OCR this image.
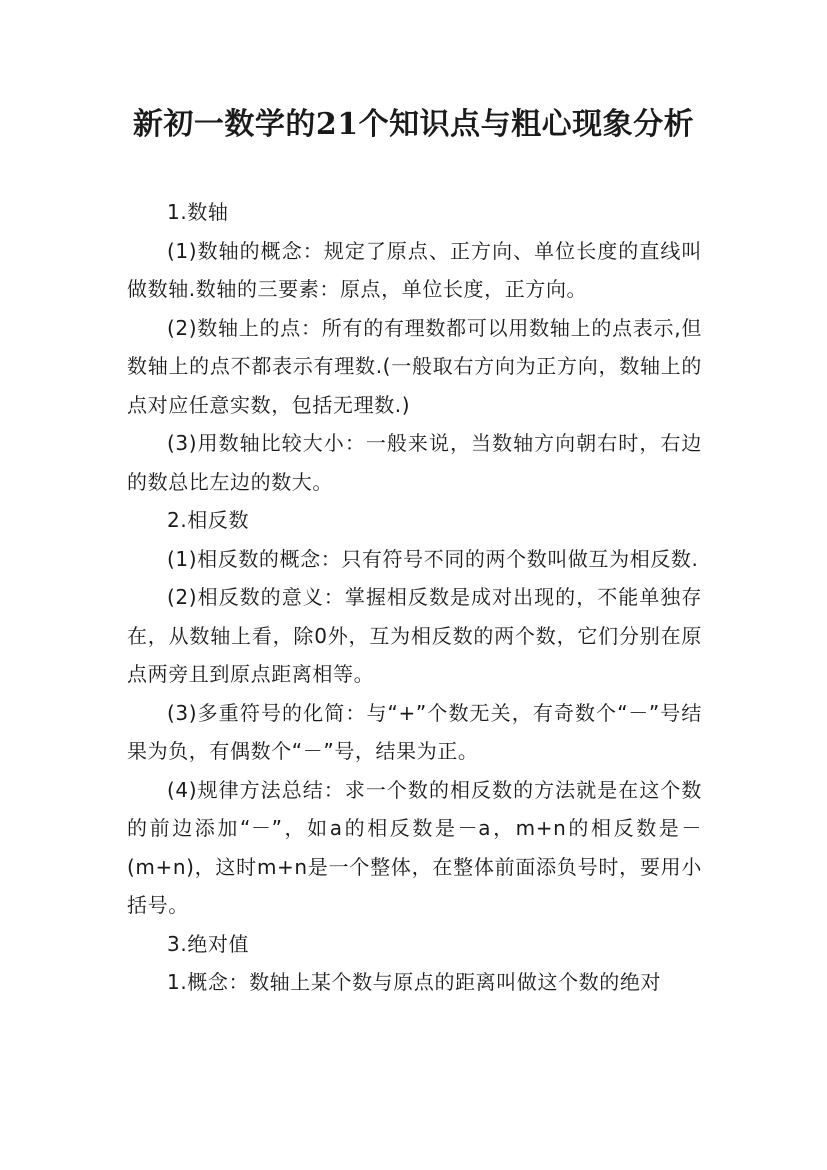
新初一数学的21个知识点与粗心现象分析

1.数轴

(1)数轴的概念：规定了原点、正方向、单位长度的直线叫做数轴.数轴的三要素：原点，单位长度，正方向。

(2)数轴上的点：所有的有理数都可以用数轴上的点表示,但数轴上的点不都表示有理数.(一般取右方向为正方向，数轴上的点对应任意实数，包括无理数.)

(3)用数轴比较大小：一般来说，当数轴方向朝右时，右边的数总比左边的数大。

2.相反数

(1)相反数的概念：只有符号不同的两个数叫做互为相反数.

(2)相反数的意义：掌握相反数是成对出现的，不能单独存在，从数轴上看，除0外，互为相反数的两个数，它们分别在原点两旁且到原点距离相等。

(3)多重符号的化简：与“+”个数无关，有奇数个“－”号结果为负，有偶数个“－”号，结果为正。

(4)规律方法总结：求一个数的相反数的方法就是在这个数的前边添加“－”，如a的相反数是－a，m+n的相反数是－(m+n)，这时m+n是一个整体，在整体前面添负号时，要用小括号。

3.绝对值

1.概念：数轴上某个数与原点的距离叫做这个数的绝对
